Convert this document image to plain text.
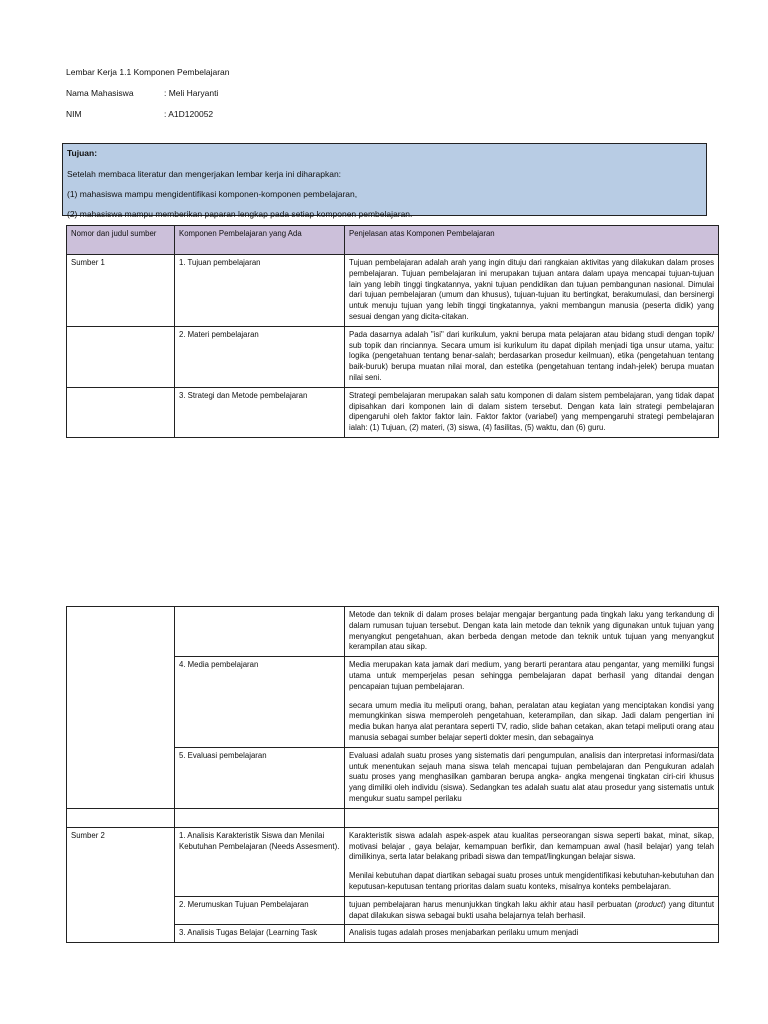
Lembar Kerja 1.1 Komponen Pembelajaran
Nama Mahasiswa	: Meli Haryanti
NIM	: A1D120052
Tujuan:
Setelah membaca literatur dan mengerjakan lembar kerja ini diharapkan:
(1) mahasiswa mampu mengidentifikasi komponen-komponen pembelajaran,
(2) mahasiswa mampu memberikan paparan lengkap pada setiap komponen pembelajaran.
Nomor dan judul sumber	Komponen Pembelajaran yang Ada	Penjelasan atas Komponen Pembelajaran
Sumber 1	1. Tujuan pembelajaran	Tujuan pembelajaran adalah arah yang ingin dituju dari rangkaian aktivitas yang dilakukan dalam proses pembelajaran. Tujuan pembelajaran ini merupakan tujuan antara dalam upaya mencapai tujuan-tujuan lain yang lebih tinggi tingkatannya, yakni tujuan pendidikan dan tujuan pembangunan nasional. Dimulai dari tujuan pembelajaran (umum dan khusus), tujuan-tujuan itu bertingkat, berakumulasi, dan bersinergi untuk menuju tujuan yang lebih tinggi tingkatannya, yakni membangun manusia (peserta didik) yang sesuai dengan yang dicita-citakan.
	2. Materi pembelajaran	Pada dasarnya adalah "isi" dari kurikulum, yakni berupa mata pelajaran atau bidang studi dengan topik/ sub topik dan rinciannya. Secara umum isi kurikulum itu dapat dipilah menjadi tiga unsur utama, yaitu: logika (pengetahuan tentang benar-salah; berdasarkan prosedur keilmuan), etika (pengetahuan tentang baik-buruk) berupa muatan nilai moral, dan estetika (pengetahuan tentang indah-jelek) berupa muatan nilai seni.
	3. Strategi dan Metode pembelajaran	Strategi pembelajaran merupakan salah satu komponen di dalam sistem pembelajaran, yang tidak dapat dipisahkan dari komponen lain di dalam sistem tersebut. Dengan kata lain strategi pembelajaran dipengaruhi oleh faktor faktor lain. Faktor faktor (variabel) yang mempengaruhi strategi pembelajaran ialah: (1) Tujuan, (2) materi, (3) siswa, (4) fasilitas, (5) waktu, dan (6) guru.
		Metode dan teknik di dalam proses belajar mengajar bergantung pada tingkah laku yang terkandung di dalam rumusan tujuan tersebut. Dengan kata lain metode dan teknik yang digunakan untuk tujuan yang menyangkut pengetahuan, akan berbeda dengan metode dan teknik untuk tujuan yang menyangkut kerampilan atau sikap.
	4. Media pembelajaran	Media merupakan kata jamak dari medium, yang berarti perantara atau pengantar, yang memiliki fungsi utama untuk memperjelas pesan sehingga pembelajaran dapat berhasil yang ditandai dengan pencapaian tujuan pembelajaran.

secara umum media itu meliputi orang, bahan, peralatan atau kegiatan yang menciptakan kondisi yang memungkinkan siswa memperoleh pengetahuan, keterampilan, dan sikap. Jadi dalam pengertian ini media bukan hanya alat perantara seperti TV, radio, slide bahan cetakan, akan tetapi meliputi orang atau manusia sebagai sumber belajar seperti dokter mesin, dan sebagainya

	5. Evaluasi pembelajaran	Evaluasi adalah suatu proses yang sistematis dari pengumpulan, analisis dan interpretasi informasi/data untuk menentukan sejauh mana siswa telah mencapai tujuan pembelajaran dan Pengukuran adalah suatu proses yang menghasilkan gambaran berupa angka- angka mengenai tingkatan ciri-ciri khusus yang dimiliki oleh individu (siswa). Sedangkan tes adalah suatu alat atau prosedur yang sistematis untuk mengukur suatu sampel perilaku

Sumber 2	1. Analisis Karakteristik Siswa dan Menilai Kebutuhan Pembelajaran (Needs Assesment).	Karakteristik siswa adalah aspek-aspek atau kualitas perseorangan siswa seperti bakat, minat, sikap, motivasi belajar , gaya belajar, kemampuan berfikir, dan kemampuan awal (hasil belajar) yang telah dimilikinya, serta latar belakang pribadi siswa dan tempat/lingkungan belajar siswa.

Menilai kebutuhan dapat diartikan sebagai suatu proses untuk mengidentifikasi kebutuhan-kebutuhan dan keputusan-keputusan tentang prioritas dalam suatu konteks, misalnya konteks pembelajaran.

	2. Merumuskan Tujuan Pembelajaran	tujuan pembelajaran harus menunjukkan tingkah laku akhir atau hasil perbuatan (product) yang dituntut dapat dilakukan siswa sebagai bukti usaha belajarnya telah berhasil.
	3. Analisis Tugas Belajar (Learning Task	Analisis tugas adalah proses menjabarkan perilaku umum menjadi
